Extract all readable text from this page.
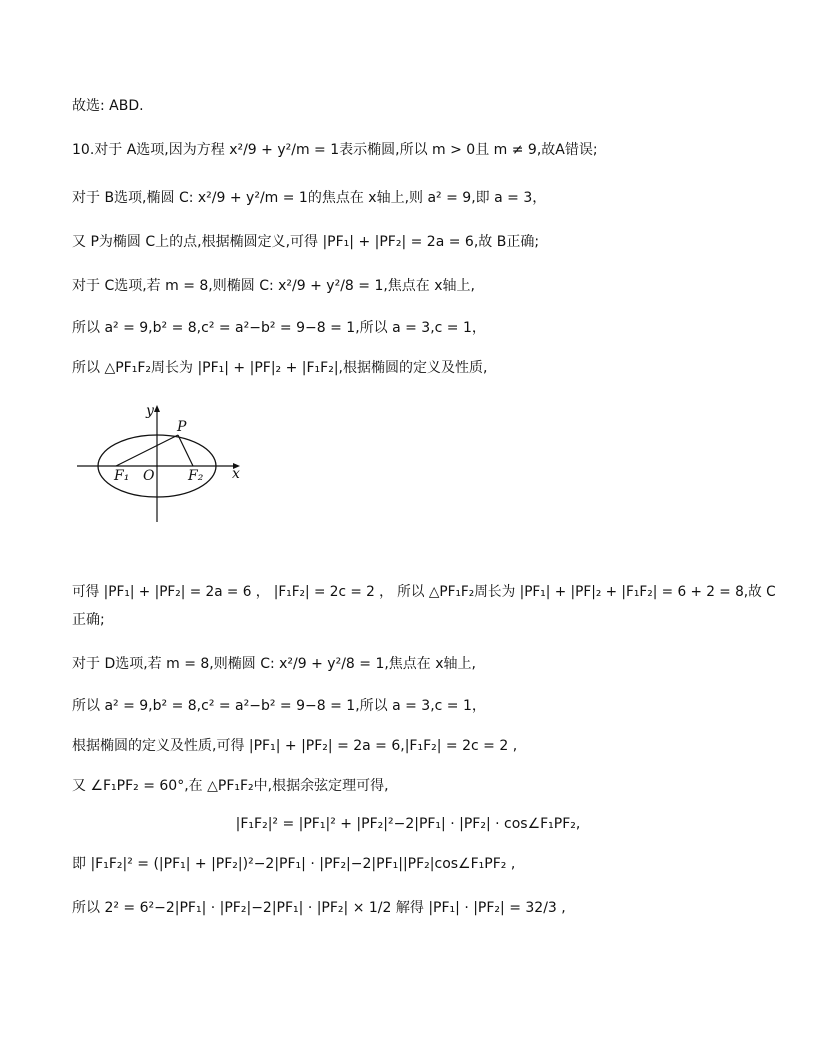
故选: ABD.
10.对于 A选项,因为方程 x²/9 + y²/m = 1表示椭圆,所以 m > 0且 m ≠ 9,故A错误;
对于 B选项,椭圆 C: x²/9 + y²/m = 1的焦点在 x轴上,则 a² = 9,即 a = 3，
又 P为椭圆 C上的点,根据椭圆定义,可得 |PF₁| + |PF₂| = 2a = 6,故 B正确;
对于 C选项,若 m = 8,则椭圆 C: x²/9 + y²/8 = 1,焦点在 x轴上,
所以 a² = 9,b² = 8,c² = a²−b² = 9−8 = 1,所以 a = 3,c = 1，
所以 △PF₁F₂周长为 |PF₁| + |PF|₂ + |F₁F₂|,根据椭圆的定义及性质,
y
x
P
O
F₁	F₂
可得 |PF₁| + |PF₂| = 2a = 6 ， |F₁F₂| = 2c = 2 ， 所以 △PF₁F₂周长为 |PF₁| + |PF|₂ + |F₁F₂| = 6 + 2 = 8,故 C
正确;
对于 D选项,若 m = 8,则椭圆 C: x²/9 + y²/8 = 1,焦点在 x轴上,
所以 a² = 9,b² = 8,c² = a²−b² = 9−8 = 1,所以 a = 3,c = 1，
根据椭圆的定义及性质,可得 |PF₁| + |PF₂| = 2a = 6,|F₁F₂| = 2c = 2 ,
又 ∠F₁PF₂ = 60°,在 △PF₁F₂中,根据余弦定理可得,
|F₁F₂|² = |PF₁|² + |PF₂|²−2|PF₁| · |PF₂| · cos∠F₁PF₂,
即 |F₁F₂|² = (|PF₁| + |PF₂|)²−2|PF₁| · |PF₂|−2|PF₁||PF₂|cos∠F₁PF₂ ,
所以 2² = 6²−2|PF₁| · |PF₂|−2|PF₁| · |PF₂| × 1/2 解得 |PF₁| · |PF₂| = 32/3 ,
